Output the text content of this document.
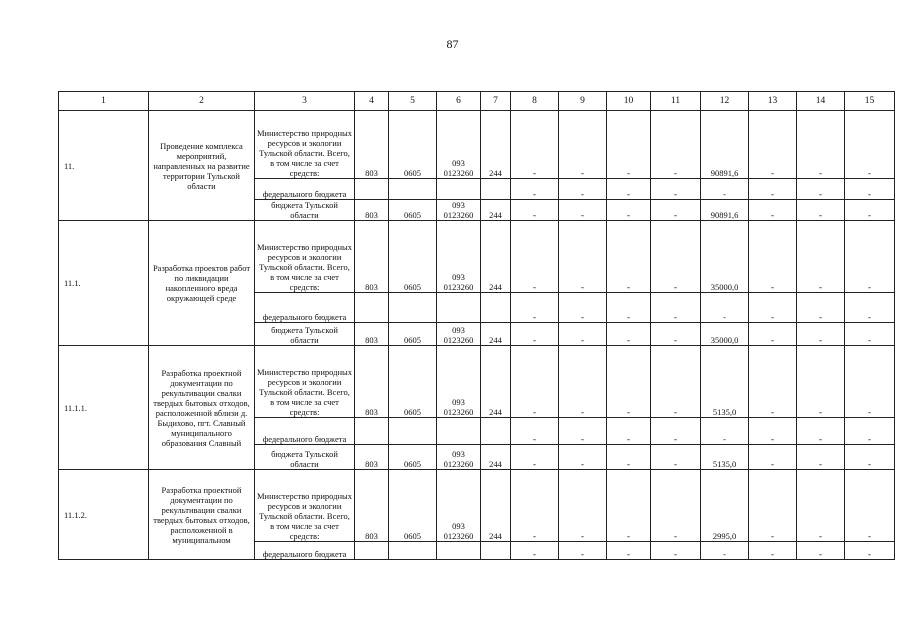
87
1	2	3	4	5	6	7	8	9	10	11	12	13	14	15
11.	Проведение комплекса мероприятий, направленных на развитие территории Тульской области	Министерство природных ресурсов и экологии Тульской области. Всего, в том числе за счет средств:	803	0605	093 0123260	244	-	-	-	-	90891,6	-	-	-
		федерального бюджета					-	-	-	-	-	-	-	-
		бюджета Тульской области	803	0605	093 0123260	244	-	-	-	-	90891,6	-	-	-
11.1.	Разработка проектов работ по ликвидации накопленного вреда окружающей среде	Министерство природных ресурсов и экологии Тульской области. Всего, в том числе за счет средств:	803	0605	093 0123260	244	-	-	-	-	35000,0	-	-	-
		федерального бюджета					-	-	-	-	-	-	-	-
		бюджета Тульской области	803	0605	093 0123260	244	-	-	-	-	35000,0	-	-	-
11.1.1.	Разработка проектной документации по рекультивации свалки твердых бытовых отходов, расположенной вблизи д. Быдихово, пгт. Славный муниципального образования Славный	Министерство природных ресурсов и экологии Тульской области. Всего, в том числе за счет средств:	803	0605	093 0123260	244	-	-	-	-	5135,0	-	-	-
		федерального бюджета					-	-	-	-	-	-	-	-
		бюджета Тульской области	803	0605	093 0123260	244	-	-	-	-	5135,0	-	-	-
11.1.2.	Разработка проектной документации по рекультивации свалки твердых бытовых отходов, расположенной в муниципальном	Министерство природных ресурсов и экологии Тульской области. Всего, в том числе за счет средств:	803	0605	093 0123260	244	-	-	-	-	2995,0	-	-	-
		федерального бюджета					-	-	-	-	-	-	-	-
